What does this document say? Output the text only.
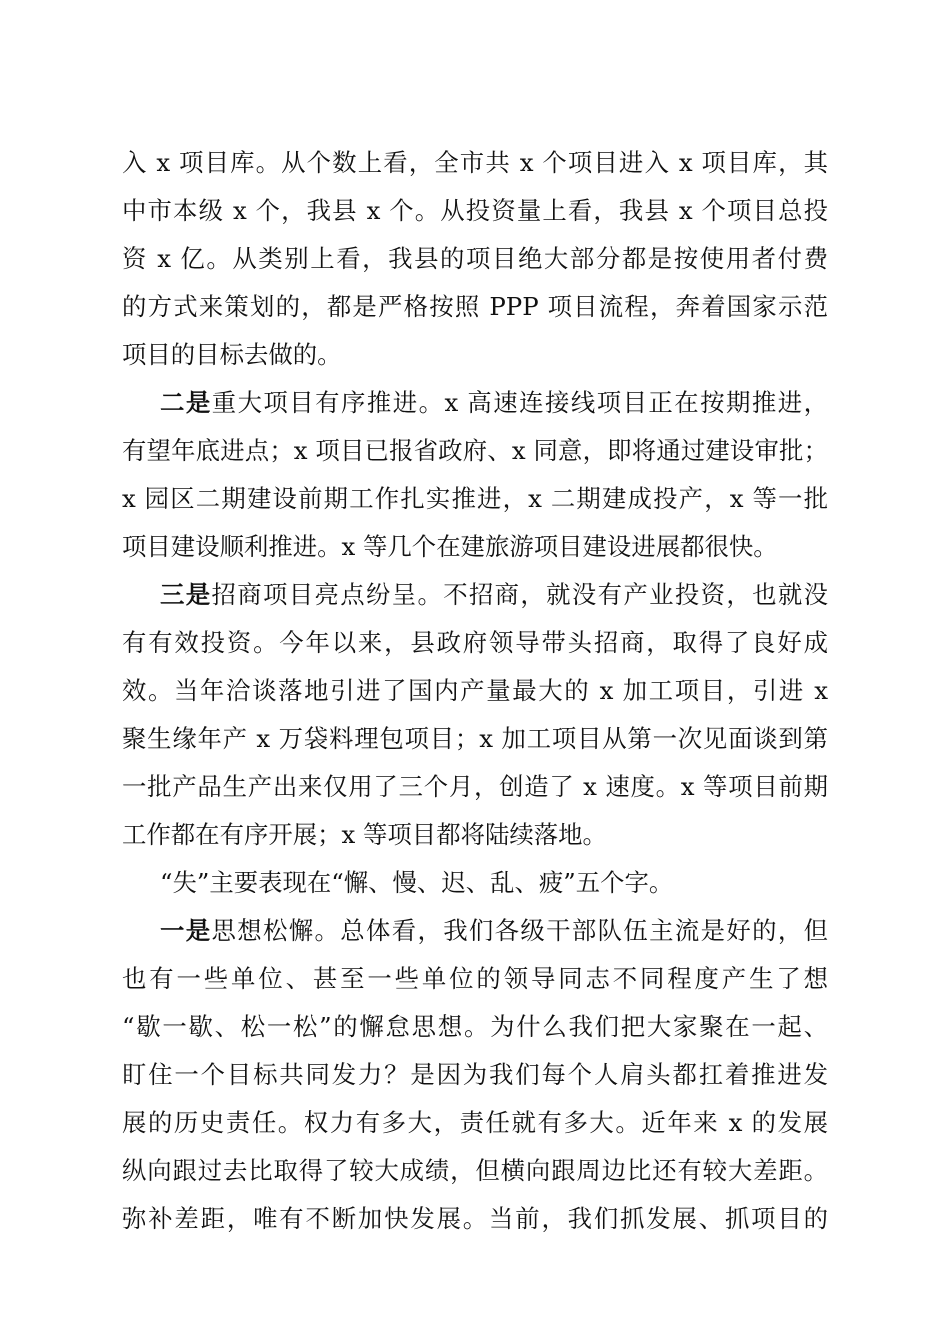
入 x 项目库。从个数上看，全市共 x 个项目进入 x 项目库，其
中市本级 x 个，我县 x 个。从投资量上看，我县 x 个项目总投
资 x 亿。从类别上看，我县的项目绝大部分都是按使用者付费
的方式来策划的，都是严格按照 PPP 项目流程，奔着国家示范
项目的目标去做的。
二是重大项目有序推进。x 高速连接线项目正在按期推进，
有望年底进点；x 项目已报省政府、x 同意，即将通过建设审批；
x 园区二期建设前期工作扎实推进，x 二期建成投产，x 等一批
项目建设顺利推进。x 等几个在建旅游项目建设进展都很快。
三是招商项目亮点纷呈。不招商，就没有产业投资，也就没
有有效投资。今年以来，县政府领导带头招商，取得了良好成
效。当年洽谈落地引进了国内产量最大的 x 加工项目，引进 x
聚生缘年产 x 万袋料理包项目；x 加工项目从第一次见面谈到第
一批产品生产出来仅用了三个月，创造了 x 速度。x 等项目前期
工作都在有序开展；x 等项目都将陆续落地。
“失”主要表现在“懈、慢、迟、乱、疲”五个字。
一是思想松懈。总体看，我们各级干部队伍主流是好的，但
也有一些单位、甚至一些单位的领导同志不同程度产生了想
“歇一歇、松一松”的懈怠思想。为什么我们把大家聚在一起、
盯住一个目标共同发力？是因为我们每个人肩头都扛着推进发
展的历史责任。权力有多大，责任就有多大。近年来 x 的发展
纵向跟过去比取得了较大成绩，但横向跟周边比还有较大差距。
弥补差距，唯有不断加快发展。当前，我们抓发展、抓项目的
